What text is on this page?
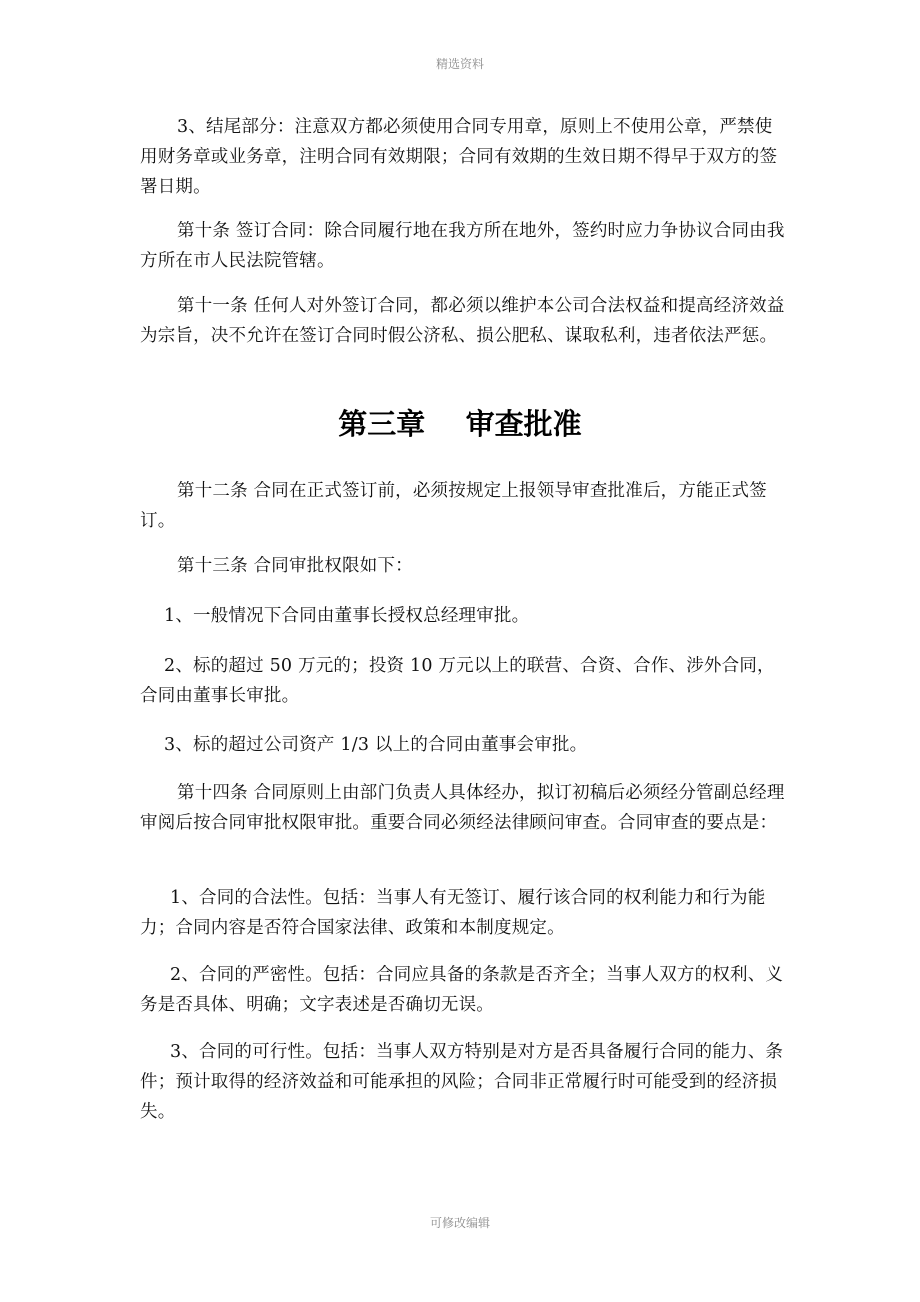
精选资料

3、结尾部分：注意双方都必须使用合同专用章，原则上不使用公章，严禁使用财务章或业务章，注明合同有效期限；合同有效期的生效日期不得早于双方的签署日期。

第十条 签订合同：除合同履行地在我方所在地外，签约时应力争协议合同由我方所在市人民法院管辖。

第十一条 任何人对外签订合同，都必须以维护本公司合法权益和提高经济效益为宗旨，决不允许在签订合同时假公济私、损公肥私、谋取私利，违者依法严惩。

第三章    审查批准

第十二条 合同在正式签订前，必须按规定上报领导审查批准后，方能正式签订。

第十三条 合同审批权限如下：

1、一般情况下合同由董事长授权总经理审批。

2、标的超过 50 万元的；投资 10 万元以上的联营、合资、合作、涉外合同，合同由董事长审批。

3、标的超过公司资产 1/3 以上的合同由董事会审批。

第十四条 合同原则上由部门负责人具体经办，拟订初稿后必须经分管副总经理审阅后按合同审批权限审批。重要合同必须经法律顾问审查。合同审查的要点是：

1、合同的合法性。包括：当事人有无签订、履行该合同的权利能力和行为能力；合同内容是否符合国家法律、政策和本制度规定。

2、合同的严密性。包括：合同应具备的条款是否齐全；当事人双方的权利、义务是否具体、明确；文字表述是否确切无误。

3、合同的可行性。包括：当事人双方特别是对方是否具备履行合同的能力、条件；预计取得的经济效益和可能承担的风险；合同非正常履行时可能受到的经济损失。

可修改编辑
